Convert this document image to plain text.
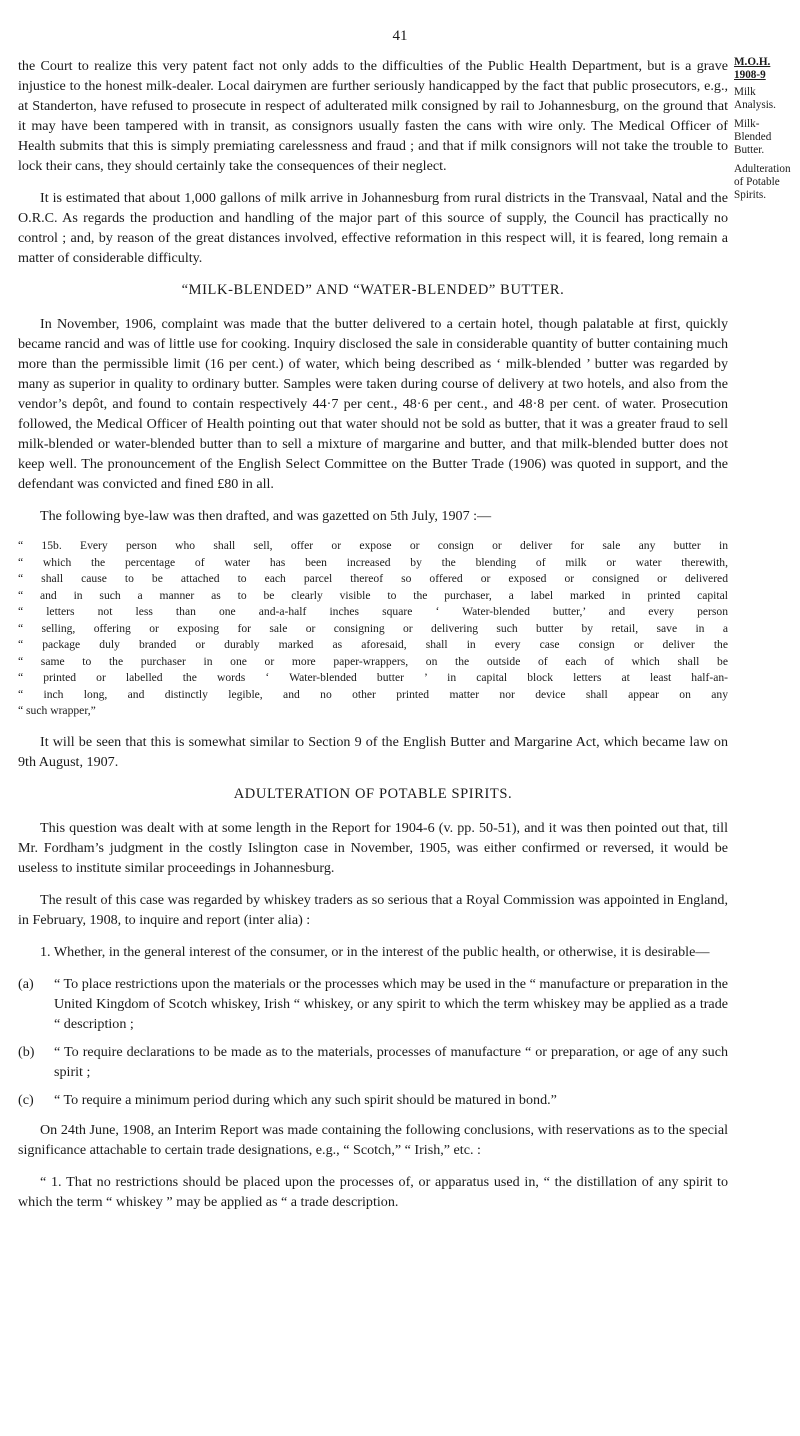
41

the Court to realize this very patent fact not only adds to the difficulties of the Public Health Department, but is a grave injustice to the honest milk-dealer. Local dairymen are further seriously handicapped by the fact that public prosecutors, e.g., at Standerton, have refused to prosecute in respect of adulterated milk consigned by rail to Johannesburg, on the ground that it may have been tampered with in transit, as consignors usually fasten the cans with wire only. The Medical Officer of Health submits that this is simply premiating carelessness and fraud ; and that if milk consignors will not take the trouble to lock their cans, they should certainly take the consequences of their neglect.

It is estimated that about 1,000 gallons of milk arrive in Johannesburg from rural districts in the Transvaal, Natal and the O.R.C. As regards the production and handling of the major part of this source of supply, the Council has practically no control ; and, by reason of the great distances involved, effective reformation in this respect will, it is feared, long remain a matter of considerable difficulty.

“MILK-BLENDED” AND “WATER-BLENDED” BUTTER.

In November, 1906, complaint was made that the butter delivered to a certain hotel, though palatable at first, quickly became rancid and was of little use for cooking. Inquiry disclosed the sale in considerable quantity of butter containing much more than the permissible limit (16 per cent.) of water, which being described as ‘ milk-blended ’ butter was regarded by many as superior in quality to ordinary butter. Samples were taken during course of delivery at two hotels, and also from the vendor’s depôt, and found to contain respectively 44·7 per cent., 48·6 per cent., and 48·8 per cent. of water. Prosecution followed, the Medical Officer of Health pointing out that water should not be sold as butter, that it was a greater fraud to sell milk-blended or water-blended butter than to sell a mixture of margarine and butter, and that milk-blended butter does not keep well. The pronouncement of the English Select Committee on the Butter Trade (1906) was quoted in support, and the defendant was convicted and fined £80 in all.

The following bye-law was then drafted, and was gazetted on 5th July, 1907 :—

“ 15b. Every person who shall sell, offer or expose or consign or deliver for sale any butter in
“ which the percentage of water has been increased by the blending of milk or water therewith,
“ shall cause to be attached to each parcel thereof so offered or exposed or consigned or delivered
“ and in such a manner as to be clearly visible to the purchaser, a label marked in printed capital
“ letters not less than one and-a-half inches square ‘ Water-blended butter,’ and every person
“ selling, offering or exposing for sale or consigning or delivering such butter by retail, save in a
“ package duly branded or durably marked as aforesaid, shall in every case consign or deliver the
“ same to the purchaser in one or more paper-wrappers, on the outside of each of which shall be
“ printed or labelled the words ‘ Water-blended butter ’ in capital block letters at least half-an-
“ inch long, and distinctly legible, and no other printed matter nor device shall appear on any
“ such wrapper,”

It will be seen that this is somewhat similar to Section 9 of the English Butter and Margarine Act, which became law on 9th August, 1907.

ADULTERATION OF POTABLE SPIRITS.

This question was dealt with at some length in the Report for 1904-6 (v. pp. 50-51), and it was then pointed out that, till Mr. Fordham’s judgment in the costly Islington case in November, 1905, was either confirmed or reversed, it would be useless to institute similar proceedings in Johannesburg.

The result of this case was regarded by whiskey traders as so serious that a Royal Commission was appointed in England, in February, 1908, to inquire and report (inter alia) :

1. Whether, in the general interest of the consumer, or in the interest of the public health, or otherwise, it is desirable—

(a)	“ To place restrictions upon the materials or the processes which may be used in the “ manufacture or preparation in the United Kingdom of Scotch whiskey, Irish “ whiskey, or any spirit to which the term whiskey may be applied as a trade “ description ;
(b)	“ To require declarations to be made as to the materials, processes of manufacture “ or preparation, or age of any such spirit ;
(c)	“ To require a minimum period during which any such spirit should be matured in bond.”

On 24th June, 1908, an Interim Report was made containing the following conclusions, with reservations as to the special significance attachable to certain trade designations, e.g., “ Scotch,” “ Irish,” etc. :

“ 1. That no restrictions should be placed upon the processes of, or apparatus used in, “ the distillation of any spirit to which the term “ whiskey ” may be applied as “ a trade description.

M.O.H. 1908-9
Milk Analysis.
Milk-Blended Butter.
Adulteration of Potable Spirits.
